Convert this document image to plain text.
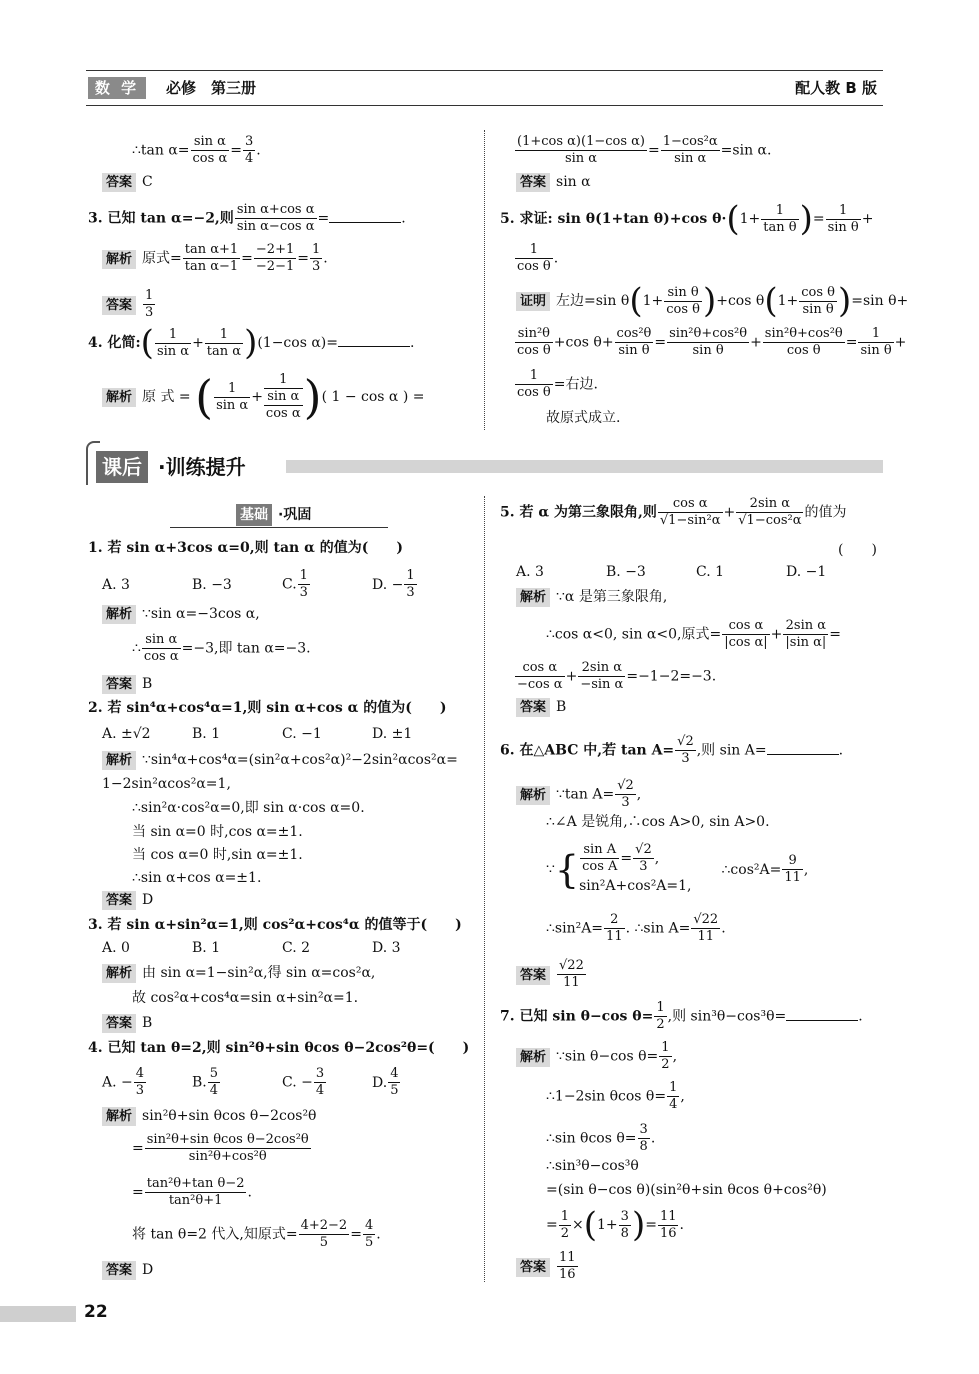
数 学	必修　第三册	配人教 B 版
∴tan $\alpha= \frac{\text{sin α}}{\text{cos α}} = \frac{3}{4}$ .
答案 C
3. 已知 tan α=−2,则 $\frac{\text{sin α+cos α}}{\text{sin α−cos α}}$ =	.
解析 原式= $\frac{\text{tan α+1}}{\text{tan α−1}} = \frac{-2+1}{-2-1} = \frac{1}{3}$ .
答案 $\frac{1}{3}$
4. 化简:( $\frac{1}{\text{sin α}} + \frac{1}{\text{tan α}} )(1-\cos$ α)=	.
解析 原 式 = ( $\frac{1}{\text{sin α}} + \frac{1}{\frac{\text{sin α}}{\text{cos α}}}$ )( 1 − cos α ) =
$\frac{\text{(1+cos α)(1−cos α)}}{\text{sin α}} = \frac{\text{1−cos²α}}{\text{sin α}} =\sin$ α.
答案 sin α
5. 求证: sin θ(1+tan θ)+cos $\theta\cdot(1+ \frac{1}{\text{tan θ}}$ )= $\frac{1}{\text{sin θ}}$ +
$\frac{1}{\text{cos θ}}$ .
证明 左边=sin $\theta(1+ \frac{\text{sin θ}}{\text{cos θ}} )+\cos$ $\theta(1+ \frac{\text{cos θ}}{\text{sin θ}} )=\sin$ θ+
$\frac{\text{sin²θ}}{\text{cos θ}} +\cos$ $\theta+ \frac{\text{cos²θ}}{\text{sin θ}} = \frac{\text{sin²θ+cos²θ}}{\text{sin θ}} + \frac{\text{sin²θ+cos²θ}}{\text{cos θ}} = \frac{1}{\text{sin θ}}$ +
$\frac{1}{\text{cos θ}}$ =右边.
故原式成立.
课后 ·训练提升
基础 ·巩固
1. 若 sin α+3cos α=0,则 tan α 的值为(　　)
A. 3	B. −3	C. $\frac{1}{3}$	D. − $\frac{1}{3}$
解析 ∵sin α=−3cos α,
∴ $\frac{\text{sin α}}{\text{cos α}} =-3$,即 tan α=−3.
答案 B
2. 若 sin⁴α+cos⁴α=1,则 sin α+cos α 的值为(　　)
A. ±√2	B. 1	C. −1	D. ±1
解析 ∵sin⁴α+cos⁴α=(sin²α+cos²α)²−2sin²αcos²α=
1−2sin²αcos²α=1,
∴sin²α·cos²α=0,即 sin α·cos α=0.
当 sin α=0 时,cos α=±1.
当 cos α=0 时,sin α=±1.
∴sin α+cos α=±1.
答案 D
3. 若 sin α+sin²α=1,则 cos²α+cos⁴α 的值等于(　　)
A. 0	B. 1	C. 2	D. 3
解析 由 sin α=1−sin²α,得 sin α=cos²α,
故 cos²α+cos⁴α=sin α+sin²α=1.
答案 B
4. 已知 tan θ=2,则 sin²θ+sin θcos θ−2cos²θ=(　　)
A. − $\frac{4}{3}$	B. $\frac{5}{4}$	C. − $\frac{3}{4}$	D. $\frac{4}{5}$
解析 sin²θ+sin θcos θ−2cos²θ
= $\frac{\text{sin²θ+sin θcos θ−2cos²θ}}{\text{sin²θ+cos²θ}}$
= $\frac{\text{tan²θ+tan θ−2}}{\text{tan²θ+1}}$ .
将 tan θ=2 代入,知原式= $\frac{4+2-2}{5} = \frac{4}{5}$ .
答案 D
5. 若 α 为第三象限角,则 $\frac{\text{cos α}}{\text{√1−sin²α}} + \frac{\text{2sin α}}{\text{√1−cos²α}}$ 的值为
(　　)
A. 3	B. −3	C. 1	D. −1
解析 ∵α 是第三象限角,
∴cos α<0, sin α<0,原式= $\frac{\text{cos α}}{\text{|cos α|}} + \frac{\text{2sin α}}{\text{|sin α|}}$ =
$\frac{\text{cos α}}{\text{−cos α}} + \frac{\text{2sin α}}{\text{−sin α}} =-1-2=-3$.
答案 B
6. 在△ABC 中,若 $\tan A= \frac{√2}{3}$ ,则 sin A=	.
解析 ∵tan $A= \frac{√2}{3}$ ,
∴∠A 是锐角,∴cos A>0, sin A>0.
∵{ $\frac{\text{sin A}}{\text{cos A}} = \frac{√2}{3}$ ,
sin²A+cos²A=1,
∴cos²A= $\frac{9}{11}$ ,
∴sin²A= $\frac{2}{11}$ . ∴sin $A= \frac{√22}{11}$ .
答案 $\frac{√22}{11}$
7. 已知 sin θ−cos $\theta= \frac{1}{2}$ ,则 sin³θ−cos³θ=	.
解析 ∵sin θ−cos $\theta= \frac{1}{2}$ ,
∴1−2sin θcos $\theta= \frac{1}{4}$ ,
∴sin θcos $\theta= \frac{3}{8}$ .
∴sin³θ−cos³θ
=(sin θ−cos θ)(sin²θ+sin θcos θ+cos²θ)
= $\frac{1}{2} \times(1+ \frac{3}{8}$ )= $\frac{11}{16}$ .
答案 $\frac{11}{16}$
22
